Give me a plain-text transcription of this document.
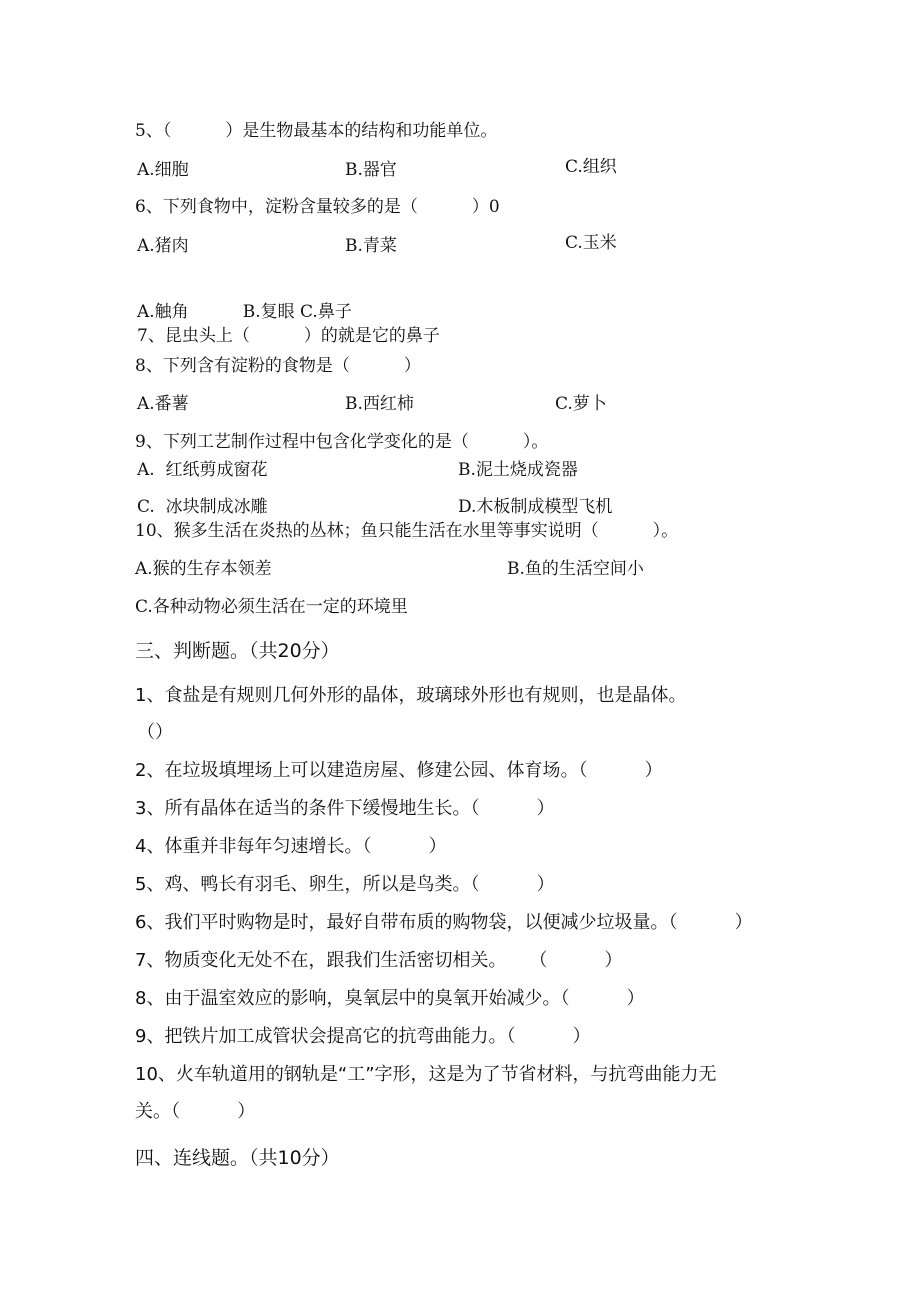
5、（          ）是生物最基本的结构和功能单位。
A.细胞	B.器官	C.组织
6、下列食物中，淀粉含量较多的是（          ）0
A.猪肉	B.青菜	C.玉米
A.触角          B.复眼 C.鼻子
7、昆虫头上（          ）的就是它的鼻子
8、下列含有淀粉的食物是（          ）
A.番薯	B.西红柿	C.萝卜
9、下列工艺制作过程中包含化学变化的是（          ）。
A.  红纸剪成窗花	B.泥土烧成瓷器
C.  冰块制成冰雕	D.木板制成模型飞机
10、猴多生活在炎热的丛林；鱼只能生活在水里等事实说明（          ）。
A.猴的生存本领差	B.鱼的生活空间小
C.各种动物必须生活在一定的环境里
三、判断题。（共20分）
1、食盐是有规则几何外形的晶体，玻璃球外形也有规则，也是晶体。
（）
2、在垃圾填埋场上可以建造房屋、修建公园、体育场。（          ）
3、所有晶体在适当的条件下缓慢地生长。（          ）
4、体重并非每年匀速增长。（          ）
5、鸡、鸭长有羽毛、卵生，所以是鸟类。（          ）
6、我们平时购物是时，最好自带布质的购物袋，以便减少垃圾量。（          ）
7、物质变化无处不在，跟我们生活密切相关。    （          ）
8、由于温室效应的影响，臭氧层中的臭氧开始减少。（          ）
9、把铁片加工成管状会提高它的抗弯曲能力。（          ）
10、火车轨道用的钢轨是“工”字形，这是为了节省材料，与抗弯曲能力无
关。（          ）
四、连线题。（共10分）
